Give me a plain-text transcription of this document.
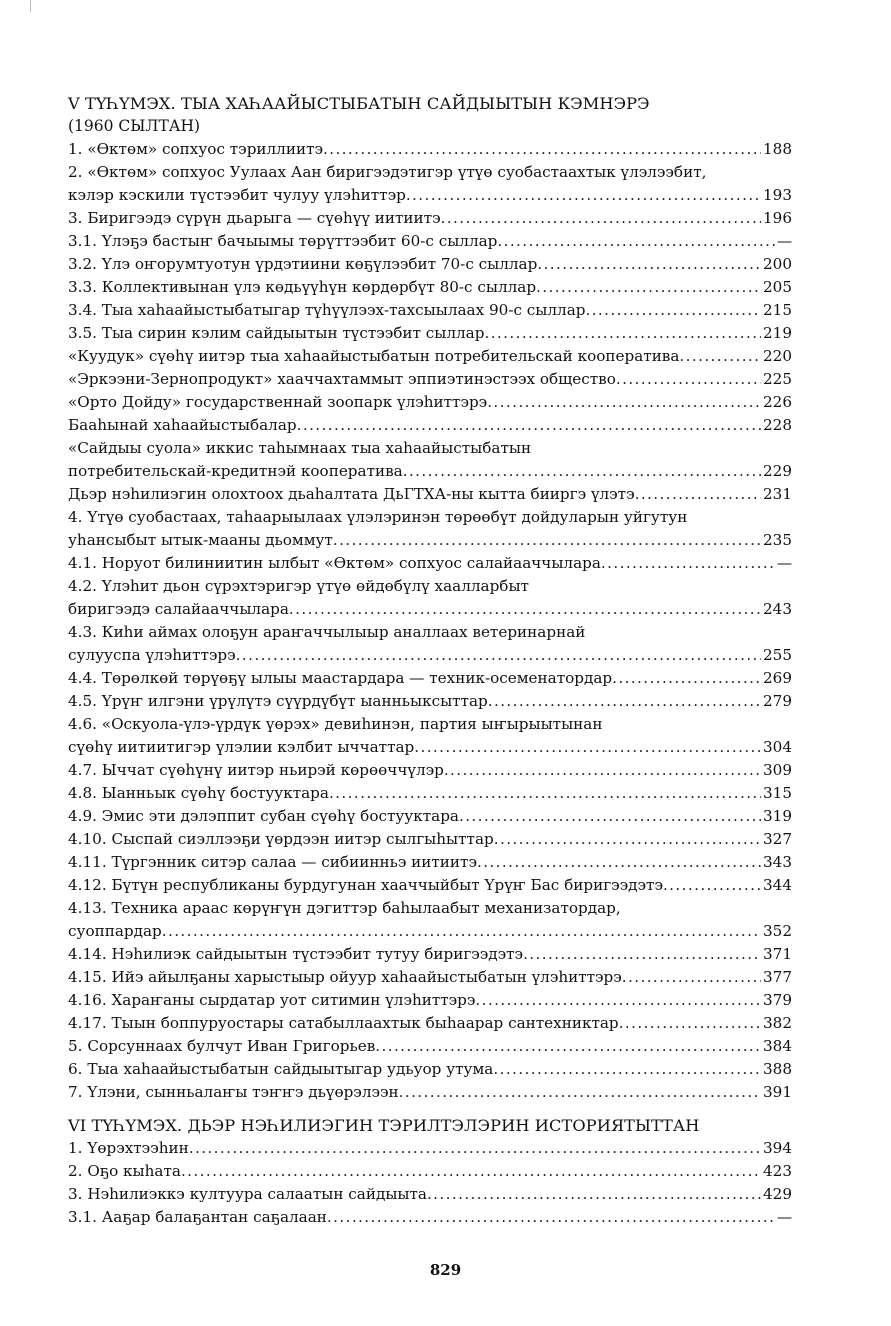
V ТҮҺҮМЭХ. ТЫА ХАҺААЙЫСТЫБАТЫН САЙДЫЫТЫН КЭМНЭРЭ
(1960 СЫЛТАН)
1. «Өктөм» сопхуос тэриллиитэ .....	188
2. «Өктөм» сопхуос Уулаах Аан биригээдэтигэр үтүө суобастаахтык үлэлээбит,
кэлэр кэскили түстээбит чулуу үлэһиттэр .....	193
3. Биригээдэ сүрүн дьарыга — сүөһүү иитиитэ .....	196
3.1. Үлэҕэ бастыҥ бачыымы төрүттээбит 60-с сыллар .....	—
3.2. Үлэ оҥорумтуотун үрдэтиини көҕүлээбит 70-с сыллар .....	200
3.3. Коллективынан үлэ көдьүүһүн көрдөрбүт 80-с сыллар .....	205
3.4. Тыа хаһаайыстыбатыгар түһүүлээх-тахсыылаах 90-с сыллар .....	215
3.5. Тыа сирин кэлим сайдыытын түстээбит сыллар .....	219
«Куудук» сүөһү иитэр тыа хаһаайыстыбатын потребительскай кооператива .....	220
«Эркээни-Зернопродукт» хааччахтаммыт эппиэтинэстээх общество .....	225
«Орто Дойду» государственнай зоопарк үлэһиттэрэ .....	226
Бааһынай хаһаайыстыбалар .....	228
«Сайдыы суола» иккис таһымнаах тыа хаһаайыстыбатын
потребительскай-кредитнэй кооператива .....	229
Дьэр нэһилиэгин олохтоох дьаһалтата ДьГТХА-ны кытта бииргэ үлэтэ .....	231
4. Үтүө суобастаах, таһаарыылаах үлэлэринэн төрөөбүт дойдуларын уйгутун
уһансыбыт ытык-мааны дьоммут .....	235
4.1. Норуот билиниитин ылбыт «Өктөм» сопхуос салайааччылара .....	—
4.2. Үлэһит дьон сүрэхтэригэр үтүө өйдөбүлү хаалларбыт
биригээдэ салайааччылара .....	243
4.3. Киһи аймах олоҕун араҥаччылыыр аналлаах ветеринарнай
сулууспа үлэһиттэрэ .....	255
4.4. Төрөлкөй төрүөҕү ылыы маастардара — техник-осеменатордар .....	269
4.5. Үрүҥ илгэни үрүлүтэ сүүрдүбүт ыанньыксыттар .....	279
4.6. «Оскуола-үлэ-үрдүк үөрэх» девиһинэн, партия ыҥырыытынан
сүөһү иитиитигэр үлэлии кэлбит ыччаттар .....	304
4.7. Ыччат сүөһүнү иитэр ньирэй көрөөччүлэр .....	309
4.8. Ыанньык сүөһү бостууктара .....	315
4.9. Эмис эти дэлэппит субан сүөһү бостууктара .....	319
4.10. Сыспай сиэллээҕи үөрдээн иитэр сылгыһыттар .....	327
4.11. Түргэнник ситэр салаа — сибиинньэ иитиитэ .....	343
4.12. Бүтүн республиканы бурдугунан хааччыйбыт Үрүҥ Бас биригээдэтэ .....	344
4.13. Техника араас көрүҥүн дэгиттэр баһылаабыт механизатордар,
суоппардар .....	352
4.14. Нэһилиэк сайдыытын түстээбит тутуу биригээдэтэ .....	371
4.15. Ийэ айылҕаны харыстыыр ойуур хаһаайыстыбатын үлэһиттэрэ .....	377
4.16. Хараҥаны сырдатар уот ситимин үлэһиттэрэ .....	379
4.17. Тыын боппуруостары сатабыллаахтык быһаарар сантехниктар .....	382
5. Сорсуннаах булчут Иван Григорьев .....	384
6. Тыа хаһаайыстыбатын сайдыытыгар удьуор утума .....	388
7. Үлэни, сынньалаҥы тэҥҥэ дьүөрэлээн .....	391
VI ТҮҺҮМЭХ. ДЬЭР НЭҺИЛИЭГИН ТЭРИЛТЭЛЭРИН ИСТОРИЯТЫТТАН
1. Үөрэхтээһин .....	394
2. Оҕо кыһата .....	423
3. Нэһилиэккэ култуура салаатын сайдыыта .....	429
3.1. Ааҕар балаҕантан саҕалаан .....	—
829
